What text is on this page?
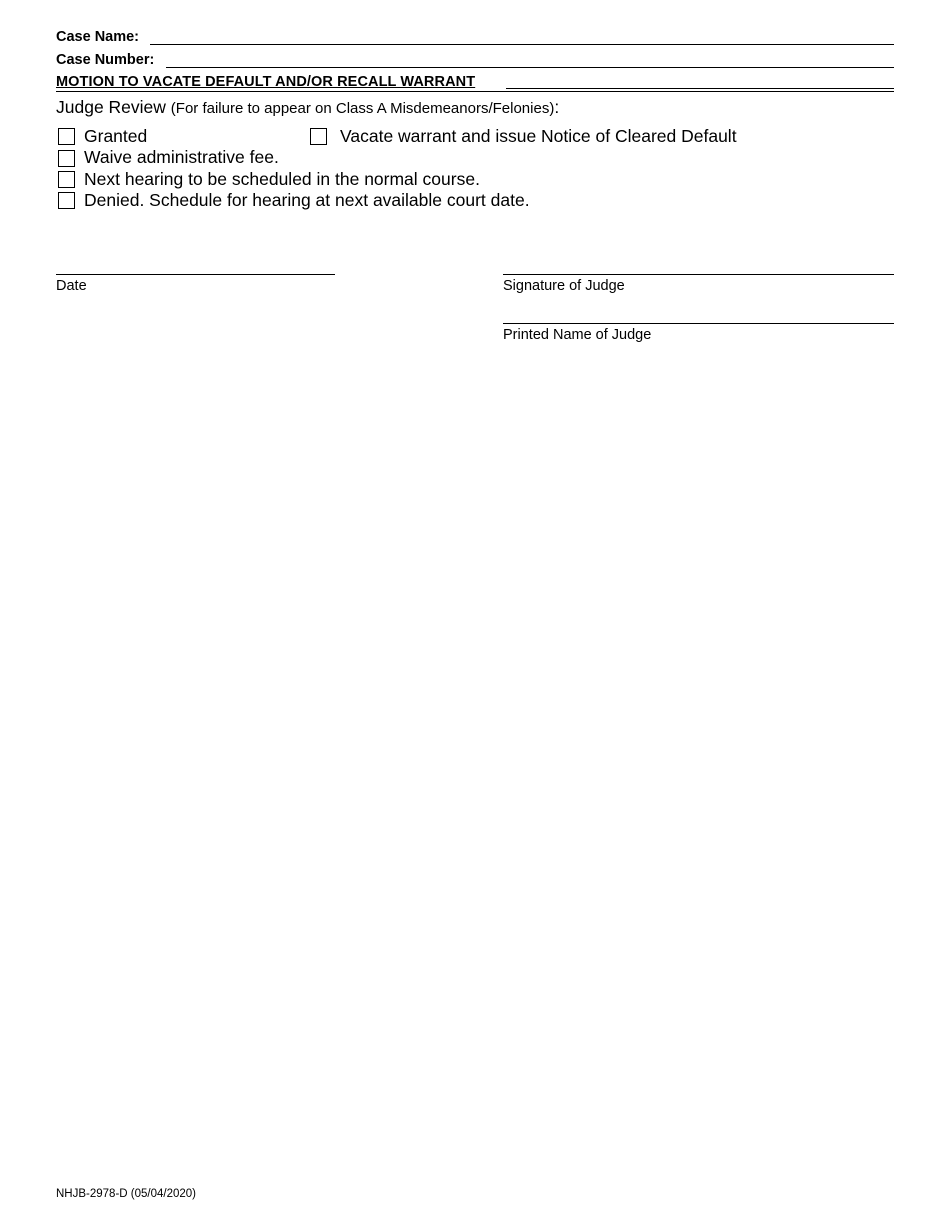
Case Name:
Case Number:
MOTION TO VACATE DEFAULT AND/OR RECALL WARRANT
Judge Review (For failure to appear on Class A Misdemeanors/Felonies):
Granted	Vacate warrant and issue Notice of Cleared Default
Waive administrative fee.
Next hearing to be scheduled in the normal course.
Denied. Schedule for hearing at next available court date.
Date	Signature of Judge
Printed Name of Judge
NHJB-2978-D (05/04/2020)
